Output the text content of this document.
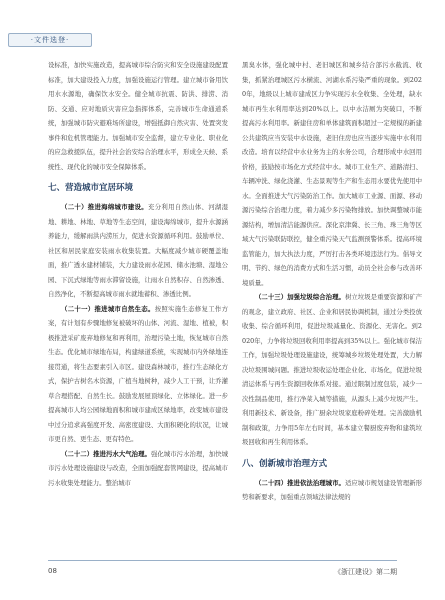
·文件选登·

设标准，加快实施改造，提高城市综合防灾和安全设施建设配置标准，加大建设投入力度，加强设施运行管理。建立城市备用饮用水水源地，确保饮水安全。健全城市抗震、防洪、排涝、消防、交通、应对地质灾害应急指挥体系，完善城市生命通道系统，加强城市防灾避难场所建设，增强抵御自然灾害、处置突发事件和危机管理能力。加强城市安全监督，建立专业化、职业化的应急救援队伍，提升社会治安综合治理水平，形成全天候、系统性、现代化的城市安全保障体系。

七、营造城市宜居环境

（二十）推进海绵城市建设。充分利用自然山体、河湖湿地、耕地、林地、草地等生态空间，建设海绵城市，提升水源涵养能力，缓解雨洪内涝压力，促进水资源循环利用。鼓励单位、社区和居民家庭安装雨水收集装置。大幅度减少城市硬覆盖地面，推广透水建材铺装，大力建设雨水花园、储水池塘、湿地公园、下沉式绿地等雨水滞留设施，让雨水自然积存、自然渗透、自然净化，不断提高城市雨水就地蓄积、渗透比例。

（二十一）推进城市自然生态。按照实施生态修复工作方案，有计划有步骤地修复被破坏的山体、河流、湿地、植被，积极推进采矿废弃地修复和再利用，治理污染土地，恢复城市自然生态。优化城市绿地布局，构建绿道系统，实现城市内外绿地连接贯通，将生态要素引入市区。建设森林城市，推行生态绿化方式，保护古树名木资源，广植当地树种，减少人工干预，让乔灌草合理搭配、自然生长。鼓励发展屋顶绿化、立体绿化。进一步提高城市人均公园绿地面积和城市建成区绿地率，改变城市建设中过分追求高强度开发、高密度建设、大面积硬化的状况，让城市更自然、更生态、更有特色。

（二十二）推进污水大气治理。强化城市污水治理，加快城市污水处理设施建设与改造，全面加强配套管网建设，提高城市污水收集处理能力。整治城市

黑臭水体，强化城中村、老旧城区和城乡结合部污水截流、收集，抓紧治理城区污水横流、河湖水系污染严重的现象。到2020年，地级以上城市建成区力争实现污水全收集、全处理，缺水城市再生水利用率达到20%以上。以中水洁厕为突破口，不断提高污水利用率。新建住房和单体建筑面积超过一定规模的新建公共建筑应当安装中水设施，老旧住房也应当逐步实施中水利用改造。培育以经营中水业务为主的水务公司，合理形成中水回用价格，鼓励按市场化方式经营中水。城市工业生产、道路清扫、车辆冲洗、绿化浇灌、生态景观等生产和生态用水要优先使用中水。全面推进大气污染防治工作。加大城市工业源、面源、移动源污染综合治理力度，着力减少多污染物排放。加快调整城市能源结构，增加清洁能源供应。深化京津冀、长三角、珠三角等区域大气污染联防联控，健全重污染天气监测预警体系。提高环境监管能力，加大执法力度，严厉打击各类环境违法行为。倡导文明、节约、绿色的消费方式和生活习惯，动员全社会参与改善环境质量。

（二十三）加强垃圾综合治理。树立垃圾是重要资源和矿产的观念，建立政府、社区、企业和居民协调机制，通过分类投放收集、综合循环利用，促进垃圾减量化、资源化、无害化。到2020年，力争将垃圾回收利用率提高到35%以上。强化城市保洁工作，加强垃圾处理设施建设，统筹城乡垃圾处理处置，大力解决垃圾围城问题。推进垃圾收运处理企业化、市场化，促进垃圾清运体系与再生资源回收体系对接。通过限制过度包装，减少一次性制品使用，推行净菜入城等措施，从源头上减少垃圾产生。利用新技术、新设备，推广厨余垃圾家庭粉碎处理。完善激励机制和政策，力争用5年左右时间，基本建立餐厨废弃物和建筑垃圾回收和再生利用体系。

八、创新城市治理方式

（二十四）推进依法治理城市。适应城市规划建设管理新形势和新要求，加强重点领域法律法规的

08	《浙江建设》第二期
